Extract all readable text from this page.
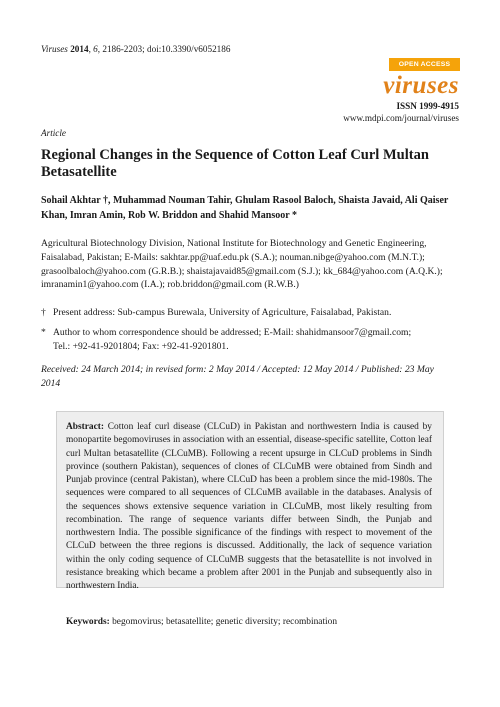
Viruses 2014, 6, 2186-2203; doi:10.3390/v6052186
OPEN ACCESS
viruses
ISSN 1999-4915
www.mdpi.com/journal/viruses
Article
Regional Changes in the Sequence of Cotton Leaf Curl Multan Betasatellite
Sohail Akhtar †, Muhammad Nouman Tahir, Ghulam Rasool Baloch, Shaista Javaid, Ali Qaiser Khan, Imran Amin, Rob W. Briddon and Shahid Mansoor *
Agricultural Biotechnology Division, National Institute for Biotechnology and Genetic Engineering, Faisalabad, Pakistan; E-Mails: sakhtar.pp@uaf.edu.pk (S.A.); nouman.nibge@yahoo.com (M.N.T.); grasoolbaloch@yahoo.com (G.R.B.); shaistajavaid85@gmail.com (S.J.); kk_684@yahoo.com (A.Q.K.); imranamin1@yahoo.com (I.A.); rob.briddon@gmail.com (R.W.B.)
† Present address: Sub-campus Burewala, University of Agriculture, Faisalabad, Pakistan.
* Author to whom correspondence should be addressed; E-Mail: shahidmansoor7@gmail.com;
Tel.: +92-41-9201804; Fax: +92-41-9201801.
Received: 24 March 2014; in revised form: 2 May 2014 / Accepted: 12 May 2014 / Published: 23 May 2014
Abstract: Cotton leaf curl disease (CLCuD) in Pakistan and northwestern India is caused by monopartite begomoviruses in association with an essential, disease-specific satellite, Cotton leaf curl Multan betasatellite (CLCuMB). Following a recent upsurge in CLCuD problems in Sindh province (southern Pakistan), sequences of clones of CLCuMB were obtained from Sindh and Punjab province (central Pakistan), where CLCuD has been a problem since the mid-1980s. The sequences were compared to all sequences of CLCuMB available in the databases. Analysis of the sequences shows extensive sequence variation in CLCuMB, most likely resulting from recombination. The range of sequence variants differ between Sindh, the Punjab and northwestern India. The possible significance of the findings with respect to movement of the CLCuD between the three regions is discussed. Additionally, the lack of sequence variation within the only coding sequence of CLCuMB suggests that the betasatellite is not involved in resistance breaking which became a problem after 2001 in the Punjab and subsequently also in northwestern India.
Keywords: begomovirus; betasatellite; genetic diversity; recombination
